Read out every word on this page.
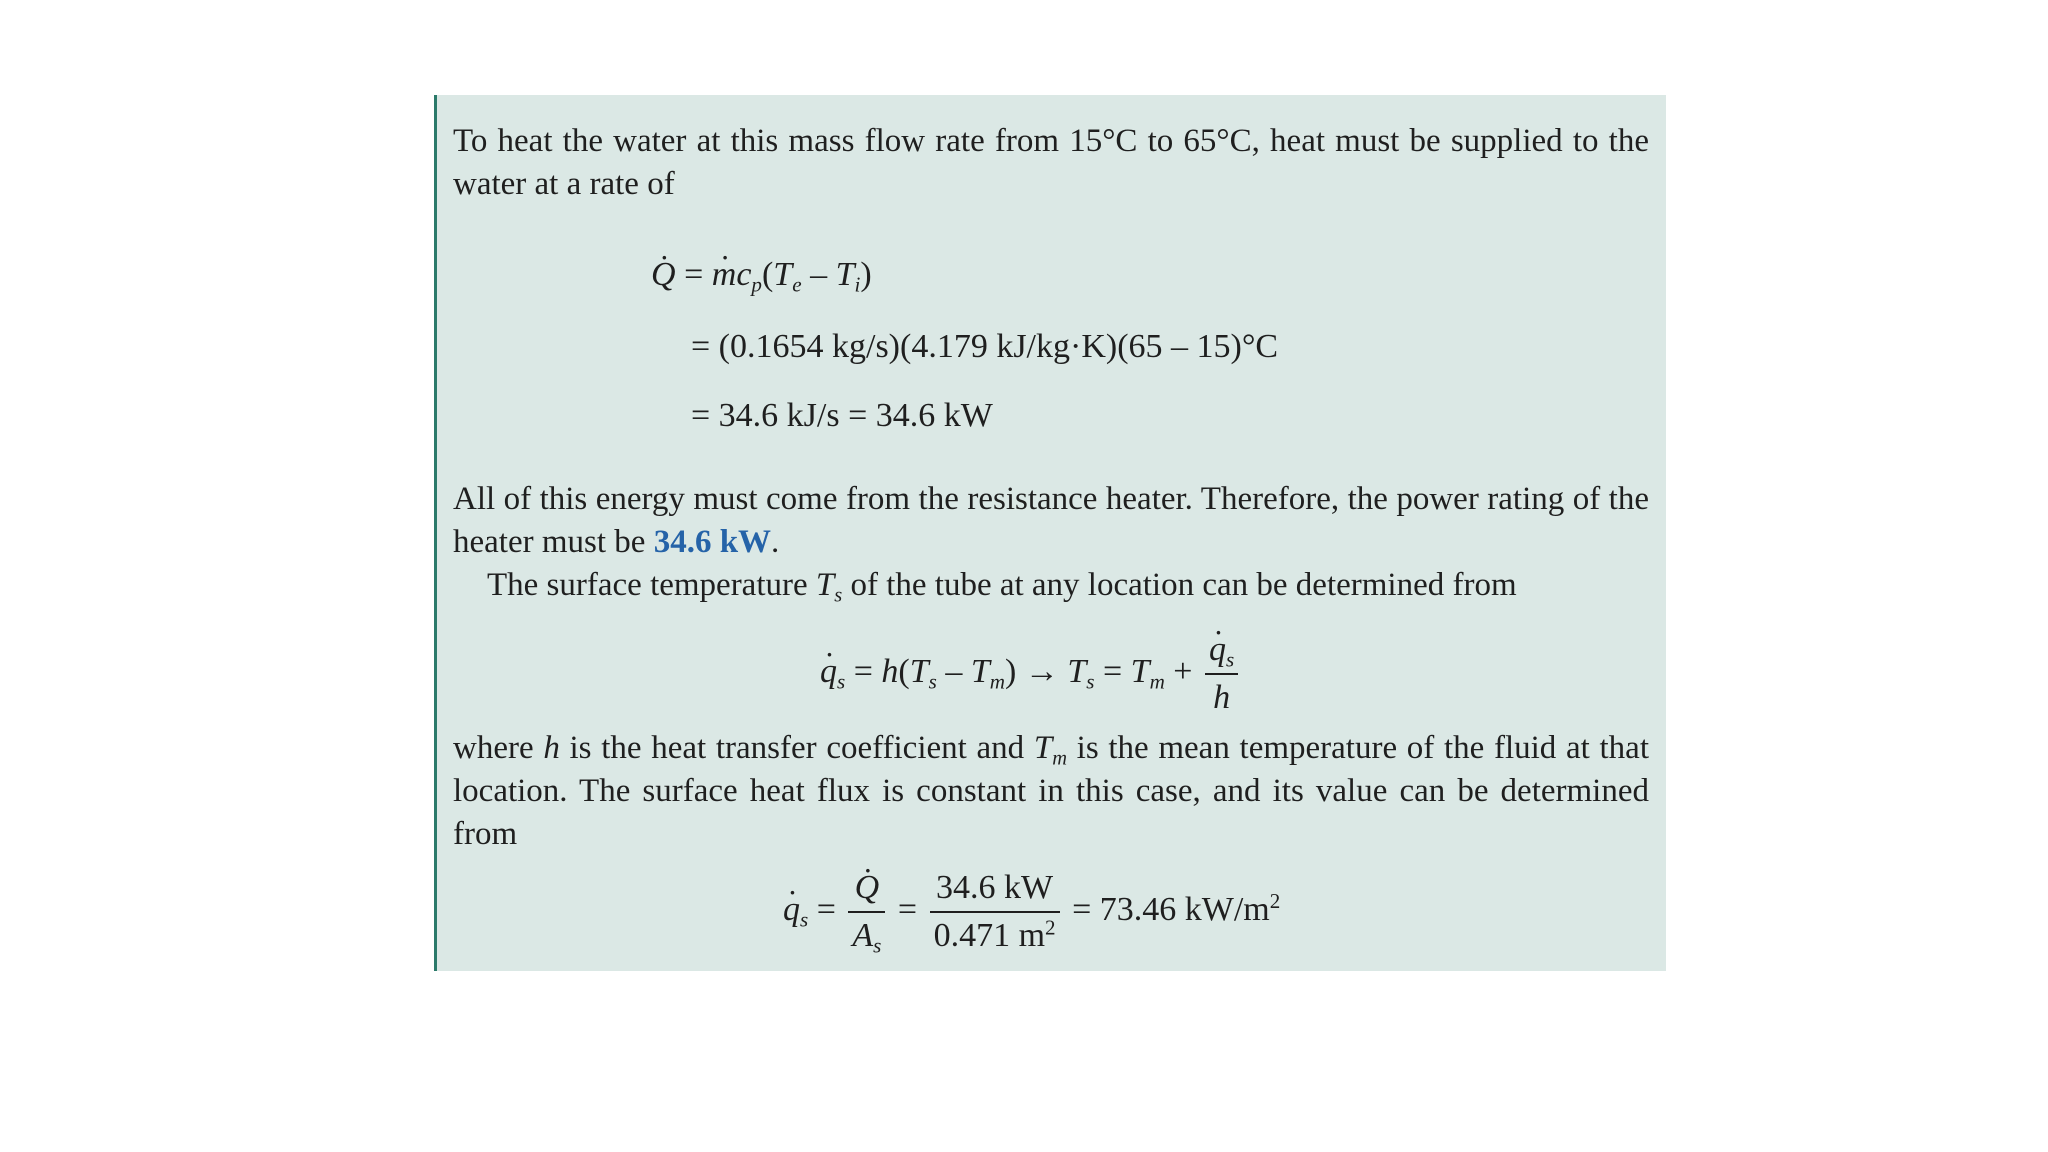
To heat the water at this mass flow rate from 15°C to 65°C, heat must be supplied to the water at a rate of
Q · = $m \cdot c_p(T_e - T_i)$
= (0.1654 kg/s)(4.179 kJ/kg·K)(65 – 15)°C
= 34.6 kJ/s = 34.6 kW
All of this energy must come from the resistance heater. Therefore, the power rating of the heater must be 34.6 kW.
The surface temperature $T_s$ of the tube at any location can be determined from
$q \cdot_s = h(T_s - T_m) \to T_s = T_m + \frac{q \cdot_s}{h}$
where h is the heat transfer coefficient and $T_m$ is the mean temperature of the fluid at that location. The surface heat flux is constant in this case, and its value can be determined from
$q \cdot_s = \frac{Q \cdot}{A_s} = \frac{34.6 kW}{0.471 m^2} = 73.46$ $kW/m^2$
